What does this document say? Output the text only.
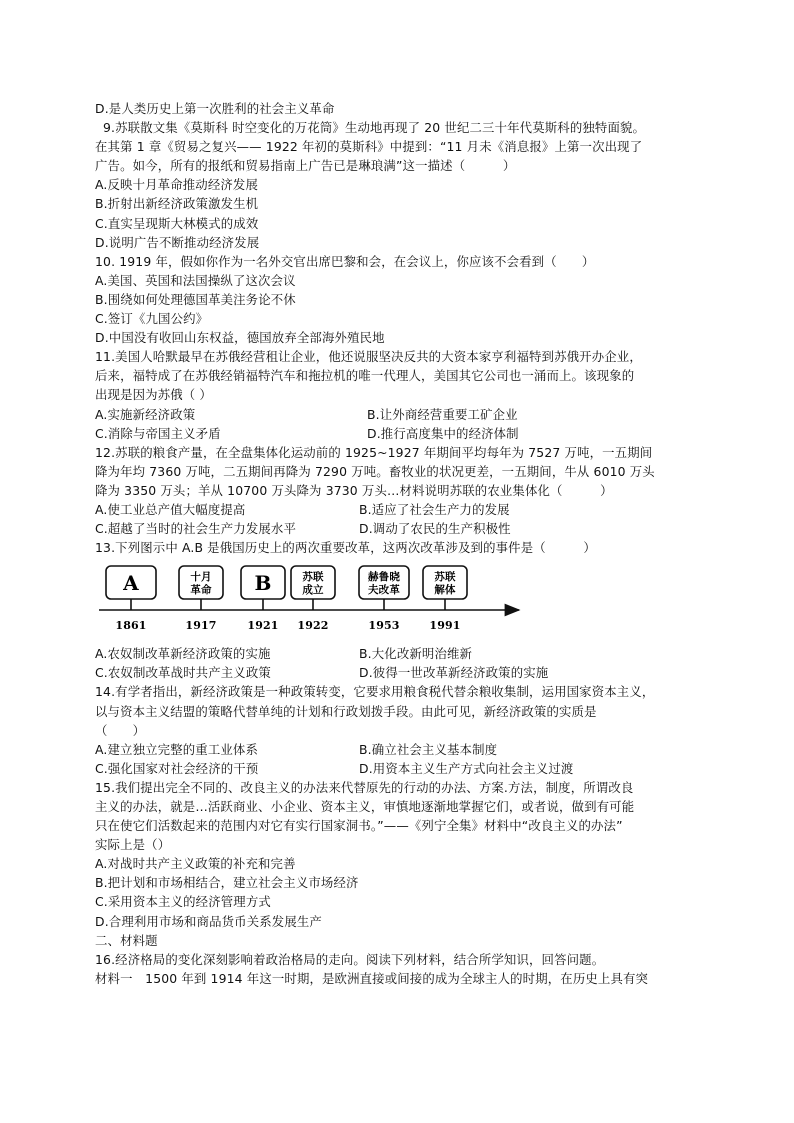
D.是人类历史上第一次胜利的社会主义革命
9.苏联散文集《莫斯科 时空变化的万花筒》生动地再现了 20 世纪二三十年代莫斯科的独特面貌。
在其第 1 章《贸易之复兴—— 1922 年初的莫斯科》中提到：“11 月未《消息报》上第一次出现了
广告。如今，所有的报纸和贸易指南上广告已是琳琅满”这一描述（　　　）
A.反映十月革命推动经济发展
B.折射出新经济政策激发生机
C.直实呈现斯大林模式的成效
D.说明广告不断推动经济发展
10. 1919 年，假如你作为一名外交官出席巴黎和会，在会议上，你应该不会看到（　　）
A.美国、英国和法国操纵了这次会议
B.围绕如何处理德国革美注务论不休
C.签订《九国公约》
D.中国没有收回山东权益，德国放弃全部海外殖民地
11.美国人哈默最早在苏俄经营租让企业，他还说服坚决反共的大资本家亨利福特到苏俄开办企业，
后来，福特成了在苏俄经销福特汽车和拖拉机的唯一代理人，美国其它公司也一涌而上。该现象的
出现是因为苏俄（ ）
A.实施新经济政策	B.让外商经营重要工矿企业
C.消除与帝国主义矛盾	D.推行高度集中的经济体制
12.苏联的粮食产量，在全盘集体化运动前的 1925~1927 年期间平均每年为 7527 万吨，一五期间
降为年均 7360 万吨，二五期间再降为 7290 万吨。畜牧业的状况更差，一五期间，牛从 6010 万头
降为 3350 万头；羊从 10700 万头降为 3730 万头…材料说明苏联的农业集体化（　　　）
A.使工业总产值大幅度提高	B.适应了社会生产力的发展
C.超越了当时的社会生产力发展水平	D.调动了农民的生产积极性
13.下列图示中 A.B 是俄国历史上的两次重要改革，这两次改革涉及到的事件是（　　　）
A
1861
十月
革命
1917
B
1921
苏联
成立
1922
赫鲁晓
夫改革
1953
苏联
解体
1991
A.农奴制改革新经济政策的实施	B.大化改新明治维新
C.农奴制改革战时共产主义政策	D.彼得一世改革新经济政策的实施
14.有学者指出，新经济政策是一种政策转变，它要求用粮食税代替余粮收集制，运用国家资本主义，
以与资本主义结盟的策略代替单纯的计划和行政划拨手段。由此可见，新经济政策的实质是
（　　）
A.建立独立完整的重工业体系	B.确立社会主义基本制度
C.强化国家对社会经济的干预	D.用资本主义生产方式向社会主义过渡
15.我们提出完全不同的、改良主义的办法来代替原先的行动的办法、方案.方法，制度，所谓改良
主义的办法，就是…活跃商业、小企业、资本主义，审慎地逐渐地掌握它们，或者说，做到有可能
只在使它们活数起来的范围内对它有实行国家洞书。”——《列宁全集》材料中“改良主义的办法”
实际上是（）
A.对战时共产主义政策的补充和完善
B.把计划和市场相结合，建立社会主义市场经济
C.采用资本主义的经济管理方式
D.合理利用市场和商品货币关系发展生产
二、材料题
16.经济格局的变化深刻影响着政治格局的走向。阅读下列材料，结合所学知识，回答问题。
材料一　1500 年到 1914 年这一时期，是欧洲直接或间接的成为全球主人的时期，在历史上具有突
